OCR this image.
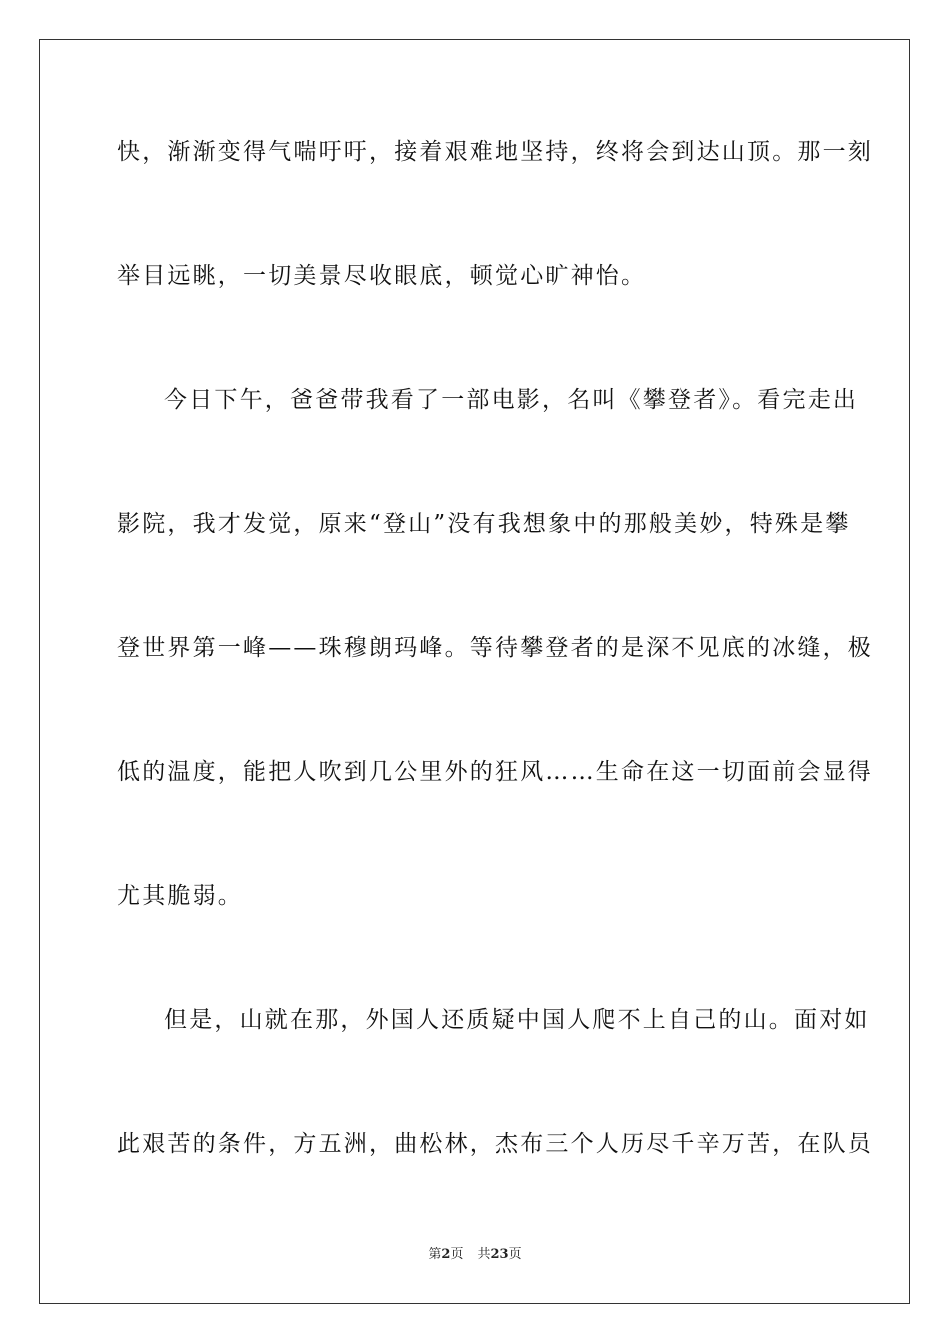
快，渐渐变得气喘吁吁，接着艰难地坚持，终将会到达山顶。那一刻
举目远眺，一切美景尽收眼底，顿觉心旷神怡。
今日下午，爸爸带我看了一部电影，名叫《攀登者》。看完走出
影院，我才发觉，原来“登山”没有我想象中的那般美妙，特殊是攀
登世界第一峰——珠穆朗玛峰。等待攀登者的是深不见底的冰缝，极
低的温度，能把人吹到几公里外的狂风……生命在这一切面前会显得
尤其脆弱。
但是，山就在那，外国人还质疑中国人爬不上自己的山。面对如
此艰苦的条件，方五洲，曲松林，杰布三个人历尽千辛万苦，在队员
第2页 共23页
